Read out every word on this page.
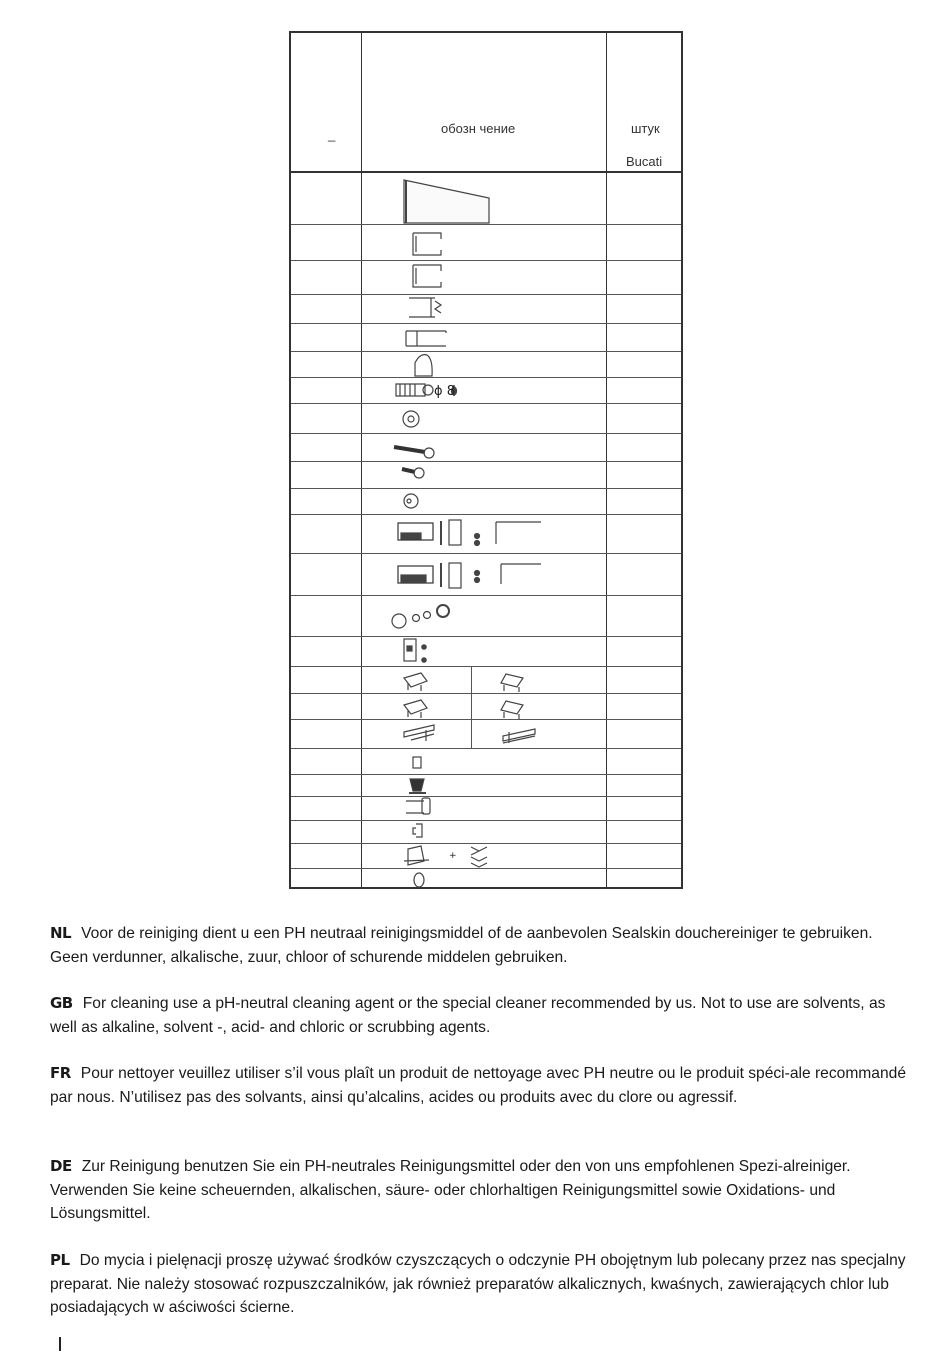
_	обозн чение	штук
Bucati
ɸ 8
+
NL Voor de reiniging dient u een PH neutraal reinigingsmiddel of de aanbevolen Sealskin douchereiniger te gebruiken. Geen verdunner, alkalische, zuur, chloor of schurende middelen gebruiken.
GB For cleaning use a pH-neutral cleaning agent or the special cleaner recommended by us. Not to use are solvents, as well as alkaline, solvent -, acid- and chloric or scrubbing agents.
FR Pour nettoyer veuillez utiliser s’il vous plaît un produit de nettoyage avec PH neutre ou le produit spéci-ale recommandé par nous. N’utilisez pas des solvants, ainsi qu’alcalins, acides ou produits avec du clore ou agressif.
DE Zur Reinigung benutzen Sie ein PH-neutrales Reinigungsmittel oder den von uns empfohlenen Spezi-alreiniger. Verwenden Sie keine scheuernden, alkalischen, säure- oder chlorhaltigen Reinigungsmittel sowie Oxidations- und Lösungsmittel.
PL Do mycia i pielęnacji proszę używać środków czyszczących o odczynie PH obojętnym lub polecany przez nas specjalny preparat. Nie należy stosować rozpuszczalników, jak również preparatów alkalicznych, kwaśnych, zawierających chlor lub posiadających w aściwości ścierne.
